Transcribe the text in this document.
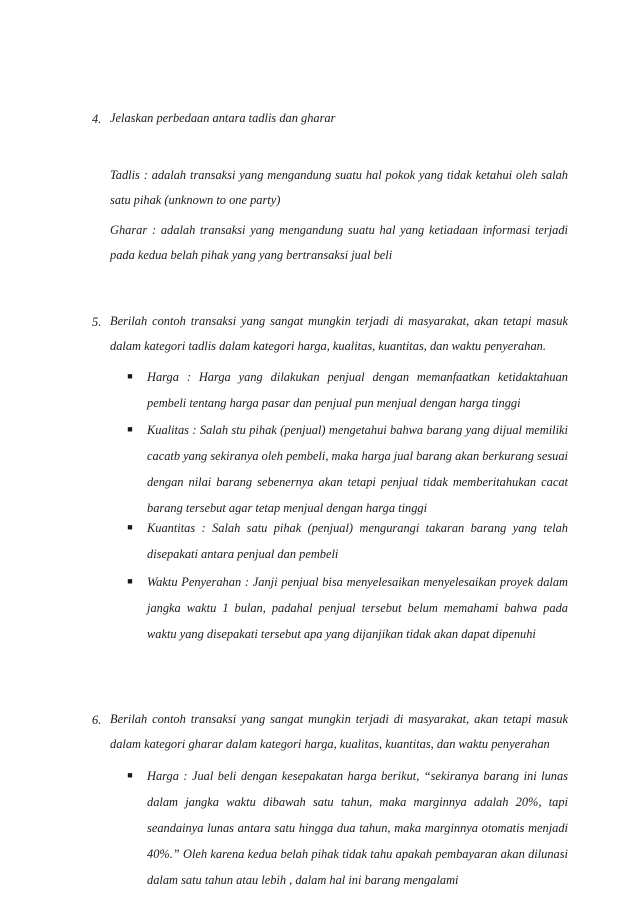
4. Jelaskan perbedaan antara tadlis dan gharar

Tadlis : adalah transaksi yang mengandung suatu hal pokok yang tidak ketahui oleh salah satu pihak (unknown to one party)

Gharar : adalah transaksi yang mengandung suatu hal yang ketiadaan informasi terjadi pada kedua belah pihak yang yang bertransaksi jual beli

5. Berilah contoh transaksi yang sangat mungkin terjadi di masyarakat, akan tetapi masuk dalam kategori tadlis dalam kategori harga, kualitas, kuantitas, dan waktu penyerahan.

■ Harga : Harga yang dilakukan penjual dengan memanfaatkan ketidaktahuan pembeli tentang harga pasar dan penjual pun menjual dengan harga tinggi

■ Kualitas : Salah stu pihak (penjual) mengetahui bahwa barang yang dijual memiliki cacatb yang sekiranya oleh pembeli, maka harga jual barang akan berkurang sesuai dengan nilai barang sebenernya akan tetapi penjual tidak memberitahukan cacat barang tersebut agar tetap menjual dengan harga tinggi

■ Kuantitas : Salah satu pihak (penjual) mengurangi takaran barang yang telah disepakati antara penjual dan pembeli

■ Waktu Penyerahan : Janji penjual bisa menyelesaikan menyelesaikan proyek dalam jangka waktu 1 bulan, padahal penjual tersebut belum memahami bahwa pada waktu yang disepakati tersebut apa yang dijanjikan tidak akan dapat dipenuhi

6. Berilah contoh transaksi yang sangat mungkin terjadi di masyarakat, akan tetapi masuk dalam kategori gharar dalam kategori harga, kualitas, kuantitas, dan waktu penyerahan

■ Harga : Jual beli dengan kesepakatan harga berikut, “sekiranya barang ini lunas dalam jangka waktu dibawah satu tahun, maka marginnya adalah 20%, tapi seandainya lunas antara satu hingga dua tahun, maka marginnya otomatis menjadi 40%.” Oleh karena kedua belah pihak tidak tahu apakah pembayaran akan dilunasi dalam satu tahun atau lebih , dalam hal ini barang mengalami
